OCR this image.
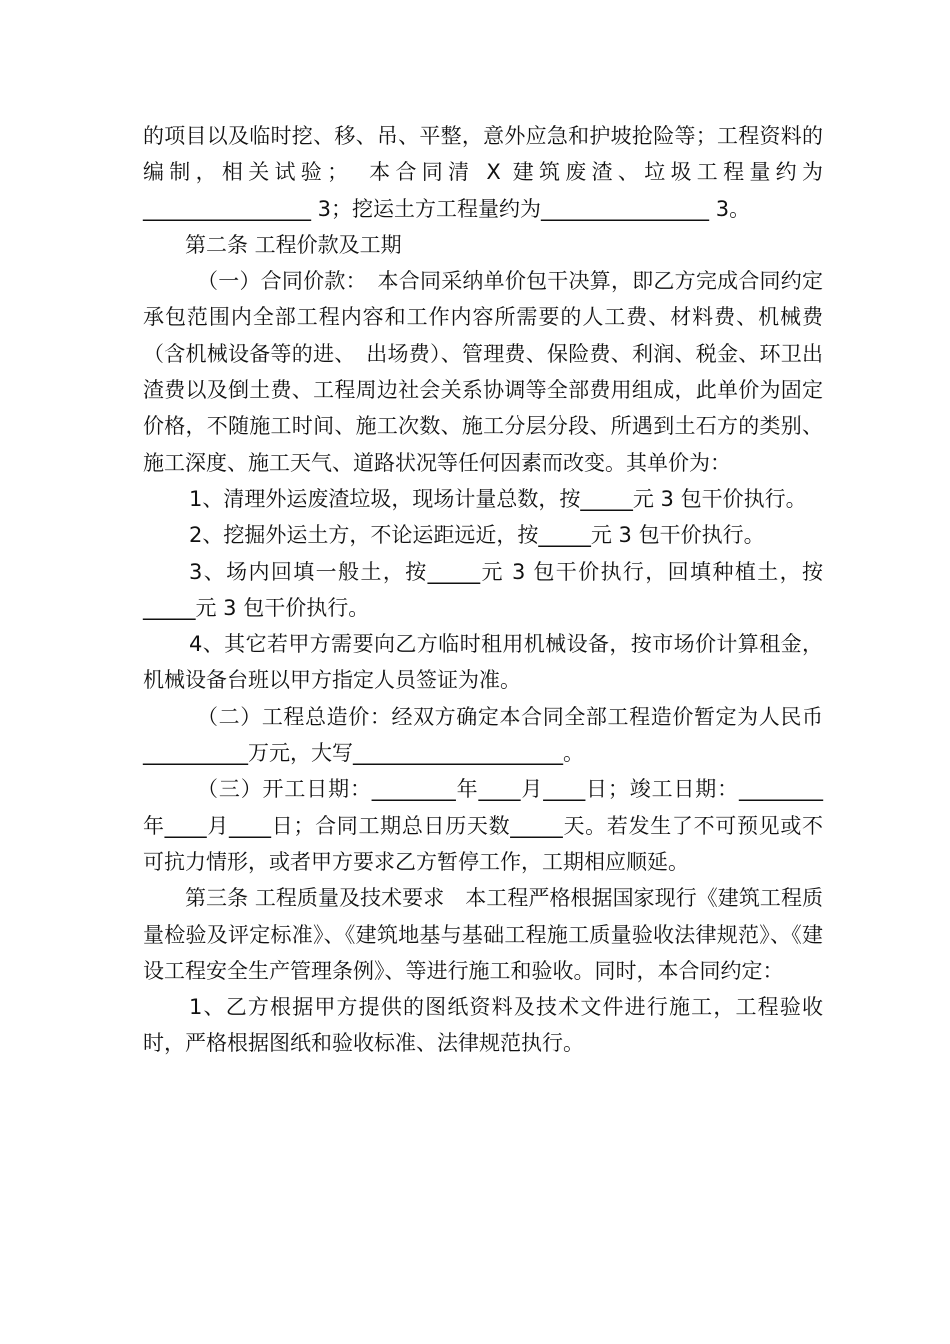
的项目以及临时挖、移、吊、平整，意外应急和护坡抢险等；工程资料的编制，相关试验；　本合同清 X 建筑废渣、垃圾工程量约为________________ 3；挖运土方工程量约为________________ 3。

第二条 工程价款及工期

（一）合同价款：　本合同采纳单价包干决算，即乙方完成合同约定承包范围内全部工程内容和工作内容所需要的人工费、材料费、机械费（含机械设备等的进、　出场费）、管理费、保险费、利润、税金、环卫出渣费以及倒土费、工程周边社会关系协调等全部费用组成，此单价为固定价格，不随施工时间、施工次数、施工分层分段、所遇到土石方的类别、施工深度、施工天气、道路状况等任何因素而改变。其单价为：

1、清理外运废渣垃圾，现场计量总数，按_____元 3 包干价执行。

2、挖掘外运土方，不论运距远近，按_____元 3 包干价执行。

3、场内回填一般土，按_____元 3 包干价执行，回填种植土，按_____元 3 包干价执行。

4、其它若甲方需要向乙方临时租用机械设备，按市场价计算租金，机械设备台班以甲方指定人员签证为准。

（二）工程总造价：经双方确定本合同全部工程造价暂定为人民币__________万元，大写____________________。

（三）开工日期：________年____月____日；竣工日期：________年____月____日；合同工期总日历天数_____天。若发生了不可预见或不可抗力情形，或者甲方要求乙方暂停工作，工期相应顺延。

第三条 工程质量及技术要求　本工程严格根据国家现行《建筑工程质量检验及评定标准》、《建筑地基与基础工程施工质量验收法律规范》、《建设工程安全生产管理条例》、等进行施工和验收。同时，本合同约定：

1、乙方根据甲方提供的图纸资料及技术文件进行施工，工程验收时，严格根据图纸和验收标准、法律规范执行。
